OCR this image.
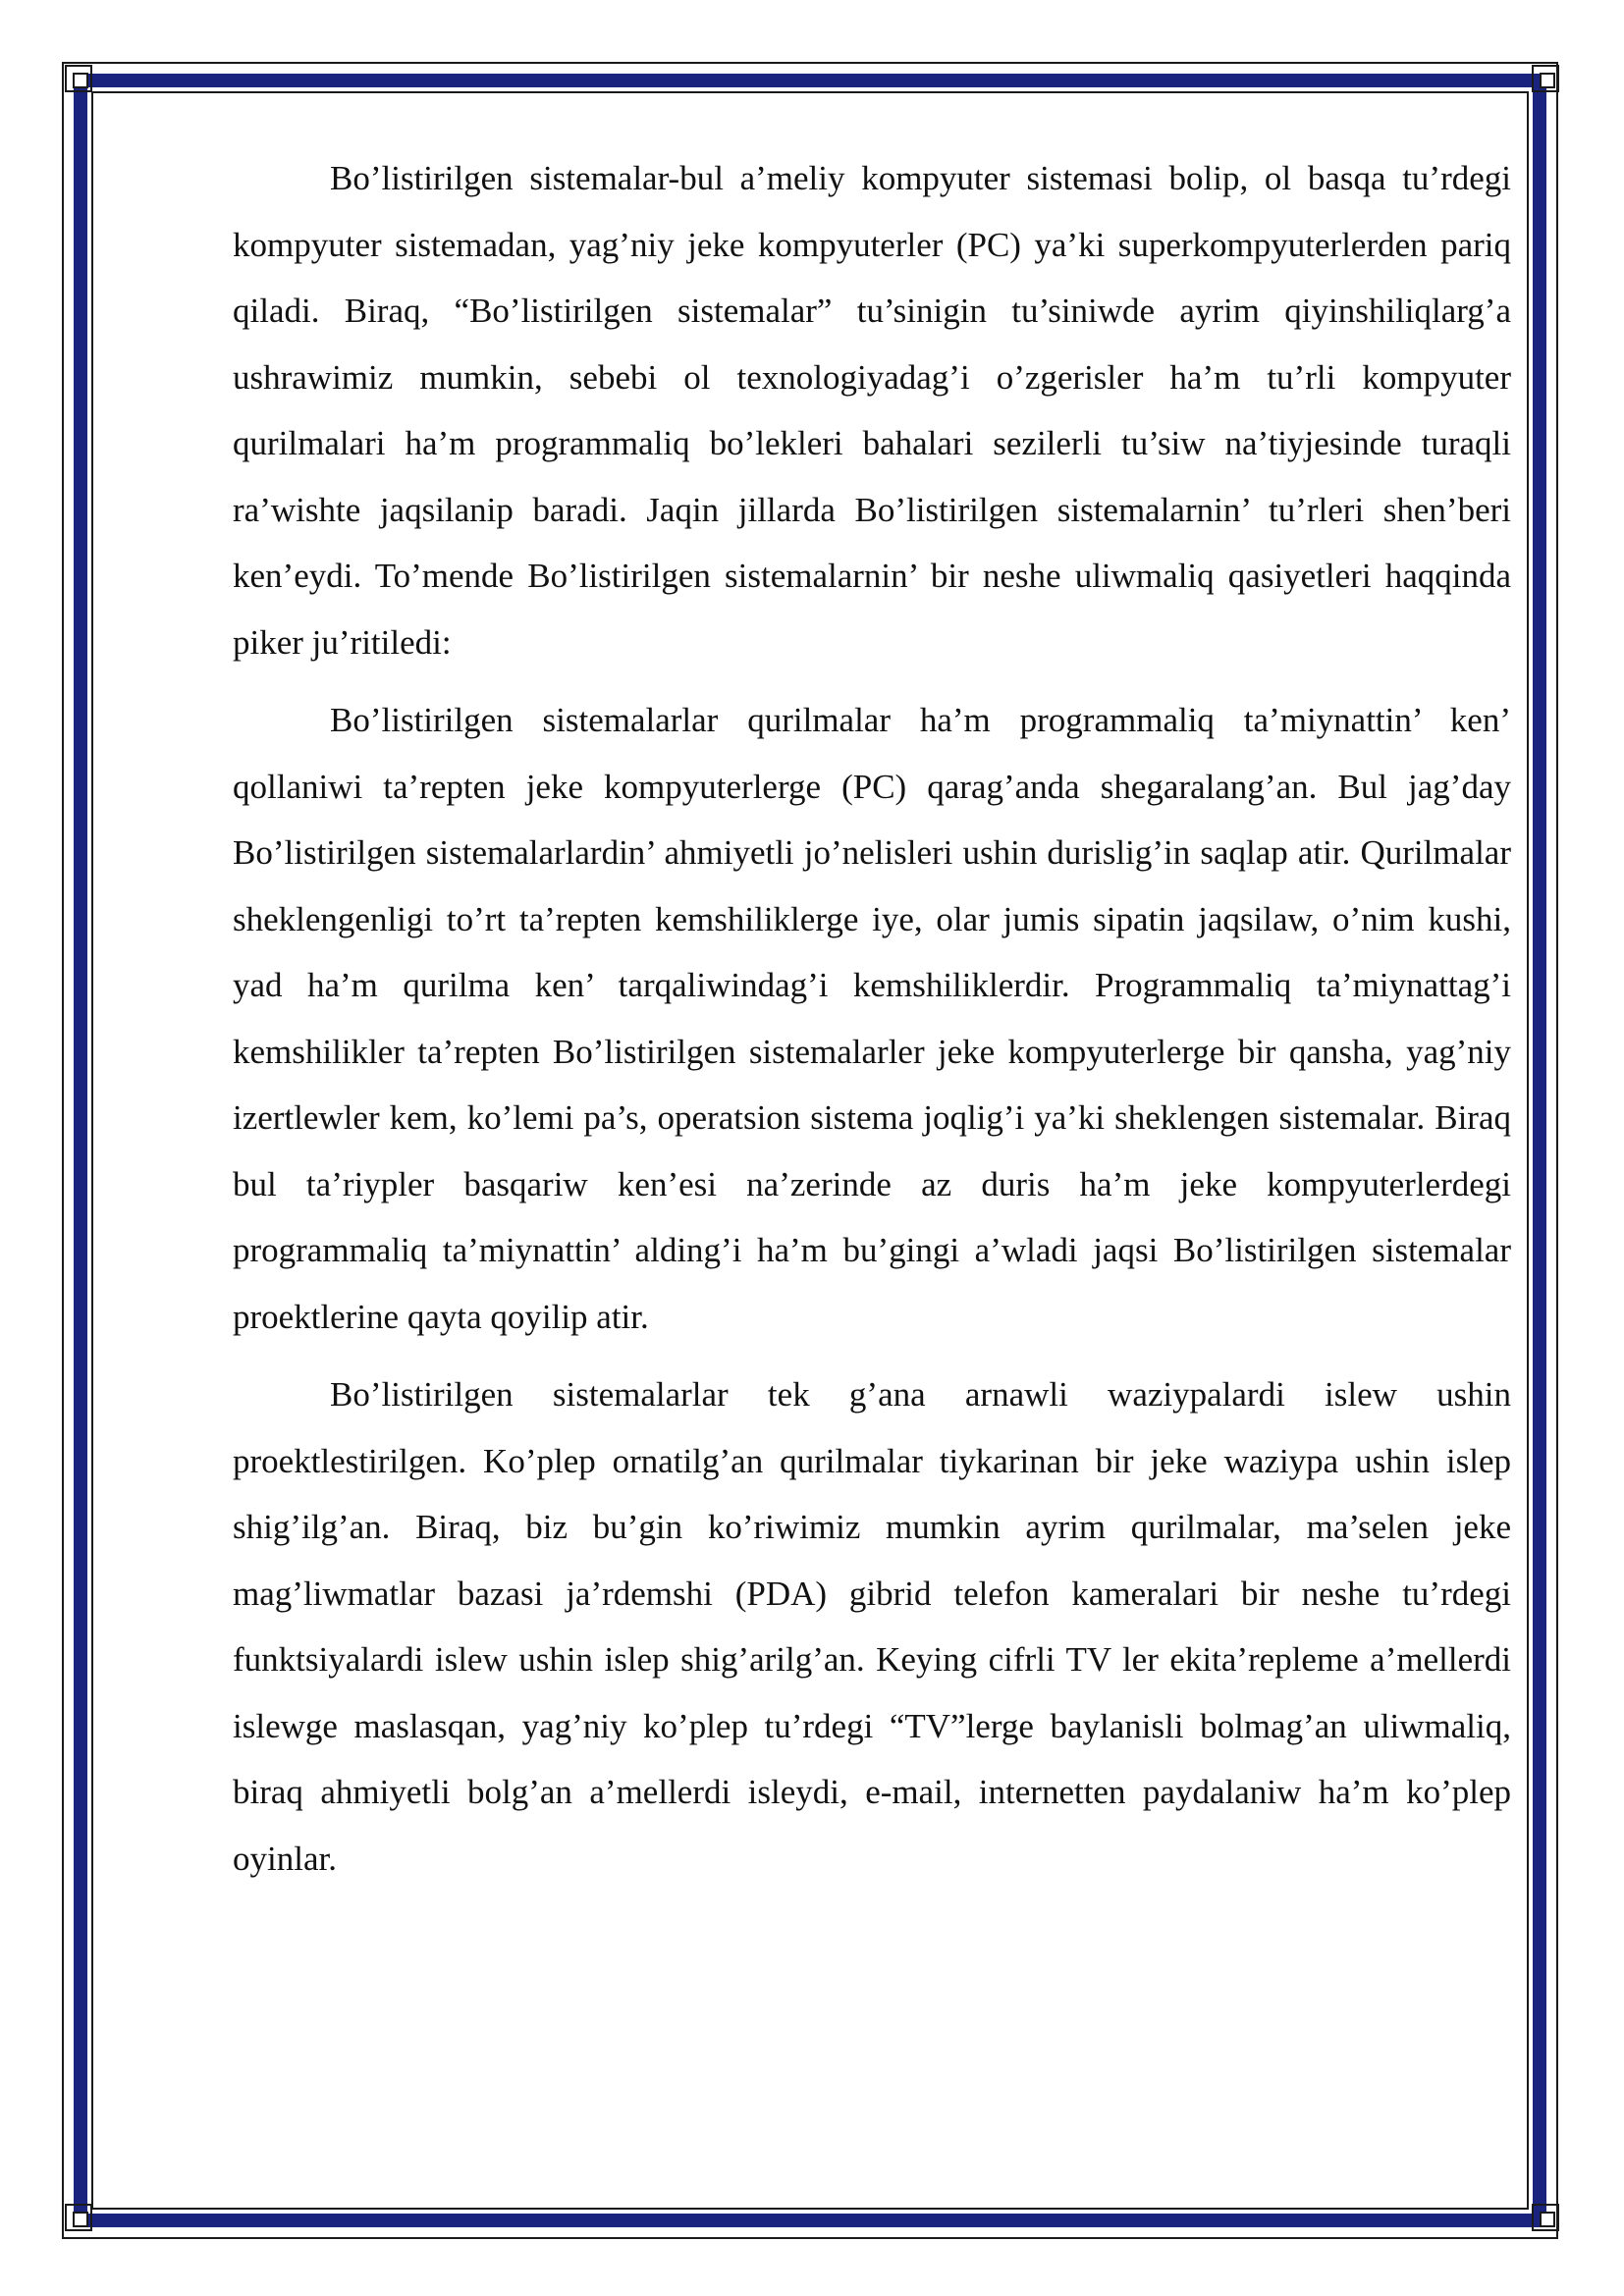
Bo’listirilgen sistemalar-bul a’meliy kompyuter sistemasi bolip, ol basqa tu’rdegi kompyuter sistemadan, yag’niy jeke kompyuterler (PC) ya’ki superkompyuterlerden pariq qiladi. Biraq, “Bo’listirilgen sistemalar” tu’sinigin tu’siniwde ayrim qiyinshiliqlarg’a ushrawimiz mumkin, sebebi ol texnologiyadag’i o’zgerisler ha’m tu’rli kompyuter qurilmalari ha’m programmaliq bo’lekleri bahalari sezilerli tu’siw na’tiyjesinde turaqli ra’wishte jaqsilanip baradi. Jaqin jillarda Bo’listirilgen sistemalarnin’ tu’rleri shen’beri ken’eydi. To’mende Bo’listirilgen sistemalarnin’ bir neshe uliwmaliq qasiyetleri haqqinda piker ju’ritiledi:

Bo’listirilgen sistemalarlar qurilmalar ha’m programmaliq ta’miynattin’ ken’ qollaniwi ta’repten jeke kompyuterlerge (PC) qarag’anda shegaralang’an. Bul jag’day Bo’listirilgen sistemalarlardin’ ahmiyetli jo’nelisleri ushin durislig’in saqlap atir. Qurilmalar sheklengenligi to’rt ta’repten kemshiliklerge iye, olar jumis sipatin jaqsilaw, o’nim kushi, yad ha’m qurilma ken’ tarqaliwindag’i kemshiliklerdir. Programmaliq ta’miynattag’i kemshilikler ta’repten Bo’listirilgen sistemalarler jeke kompyuterlerge bir qansha, yag’niy izertlewler kem, ko’lemi pa’s, operatsion sistema joqlig’i ya’ki sheklengen sistemalar. Biraq bul ta’riypler basqariw ken’esi na’zerinde az duris ha’m jeke kompyuterlerdegi programmaliq ta’miynattin’ alding’i ha’m bu’gingi a’wladi jaqsi Bo’listirilgen sistemalar proektlerine qayta qoyilip atir.

Bo’listirilgen sistemalarlar tek g’ana arnawli waziypalardi islew ushin proektlestirilgen. Ko’plep ornatilg’an qurilmalar tiykarinan bir jeke waziypa ushin islep shig’ilg’an. Biraq, biz bu’gin ko’riwimiz mumkin ayrim qurilmalar, ma’selen jeke mag’liwmatlar bazasi ja’rdemshi (PDA) gibrid telefon kameralari bir neshe tu’rdegi funktsiyalardi islew ushin islep shig’arilg’an. Keying cifrli TV ler ekita’repleme a’mellerdi islewge maslasqan, yag’niy ko’plep tu’rdegi “TV”lerge baylanisli bolmag’an uliwmaliq, biraq ahmiyetli bolg’an a’mellerdi isleydi, e-mail, internetten paydalaniw ha’m ko’plep oyinlar.
